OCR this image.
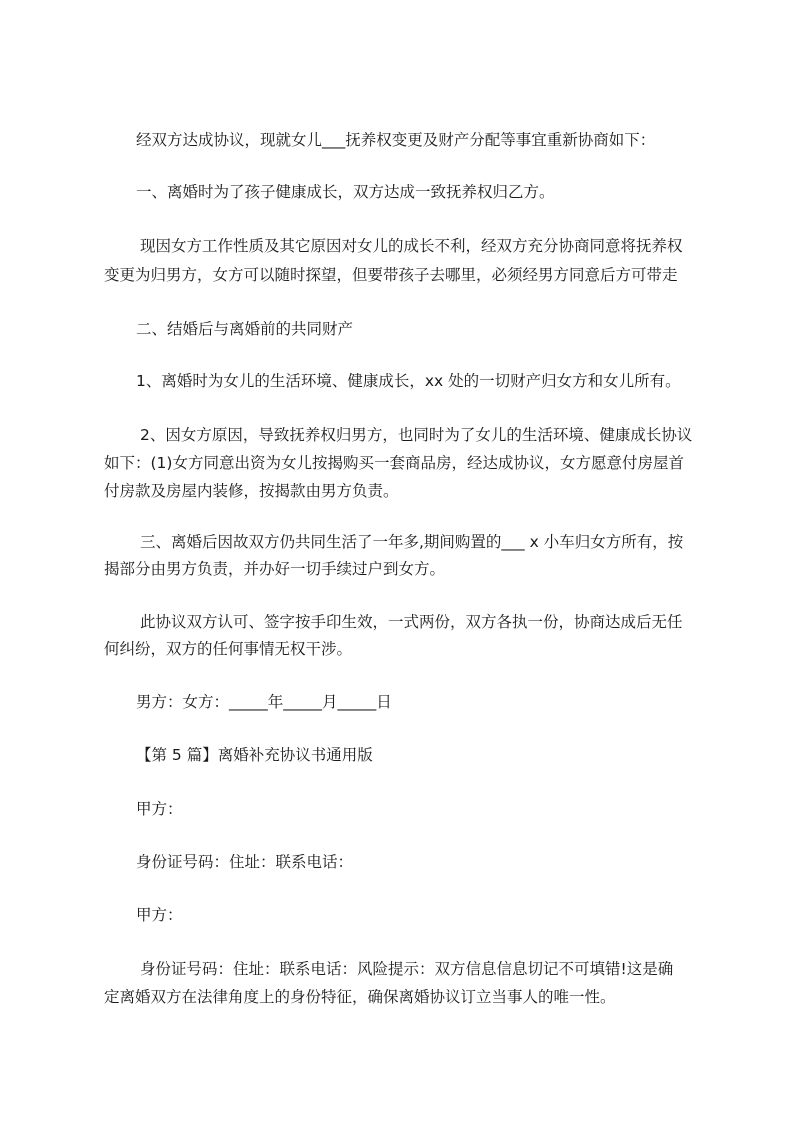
经双方达成协议，现就女儿___抚养权变更及财产分配等事宜重新协商如下：
一、离婚时为了孩子健康成长，双方达成一致抚养权归乙方。
现因女方工作性质及其它原因对女儿的成长不利，经双方充分协商同意将抚养权
变更为归男方，女方可以随时探望，但要带孩子去哪里，必须经男方同意后方可带走
二、结婚后与离婚前的共同财产
1、离婚时为女儿的生活环境、健康成长，xx 处的一切财产归女方和女儿所有。
2、因女方原因，导致抚养权归男方，也同时为了女儿的生活环境、健康成长协议
如下：(1)女方同意出资为女儿按揭购买一套商品房，经达成协议，女方愿意付房屋首
付房款及房屋内装修，按揭款由男方负责。
三、离婚后因故双方仍共同生活了一年多,期间购置的___ x 小车归女方所有，按
揭部分由男方负责，并办好一切手续过户到女方。
此协议双方认可、签字按手印生效，一式两份，双方各执一份，协商达成后无任
何纠纷，双方的任何事情无权干涉。
男方：女方：_____年_____月_____日
【第 5 篇】离婚补充协议书通用版
甲方：
身份证号码：住址：联系电话：
甲方：
身份证号码：住址：联系电话：风险提示：双方信息信息切记不可填错!这是确
定离婚双方在法律角度上的身份特征，确保离婚协议订立当事人的唯一性。
